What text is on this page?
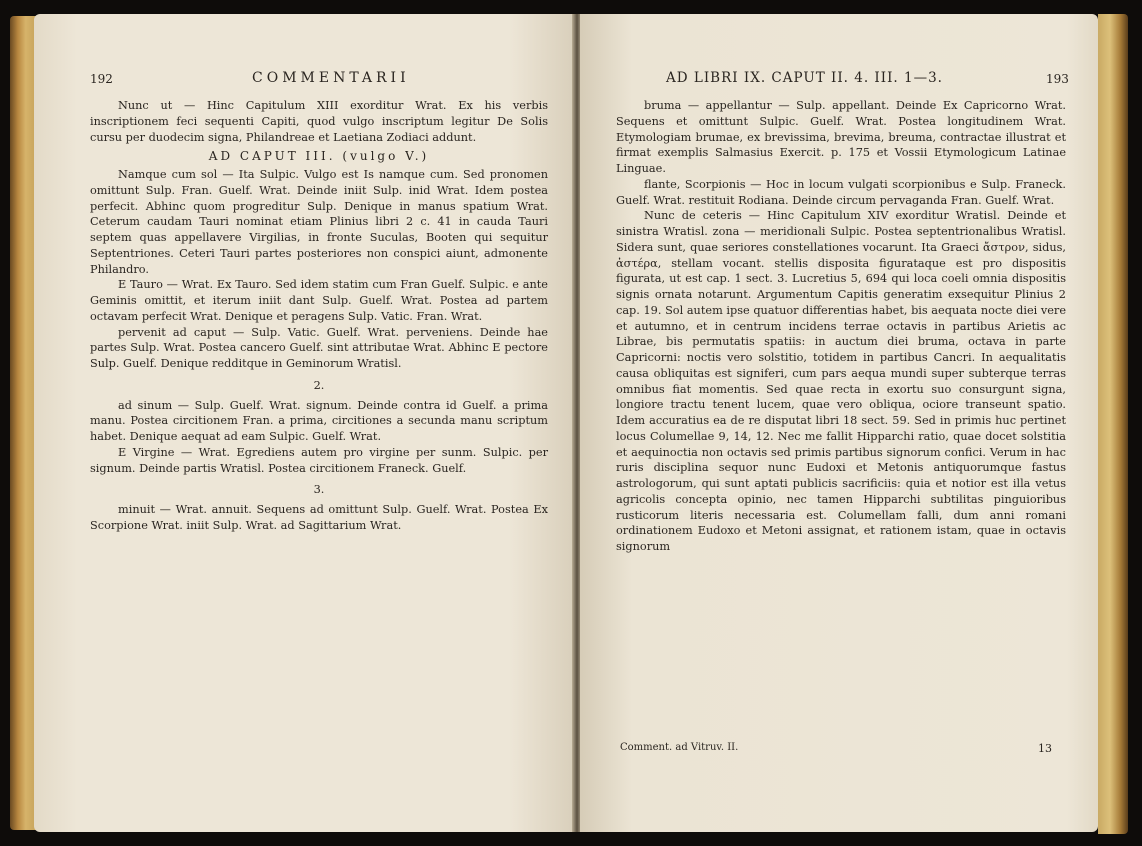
192	COMMENTARII

Nunc ut — Hinc Capitulum XIII exorditur Wrat. Ex his verbis inscriptionem feci sequenti Capiti, quod vulgo inscriptum legitur De Solis cursu per duodecim signa, Philandreae et Laetiana Zodiaci addunt.

AD CAPUT III. (vulgo V.)

Namque cum sol — Ita Sulpic. Vulgo est Is namque cum. Sed pronomen omittunt Sulp. Fran. Guelf. Wrat. Deinde iniit Sulp. inid Wrat. Idem postea perfecit. Abhinc quom progreditur Sulp. Denique in manus spatium Wrat. Ceterum caudam Tauri nominat etiam Plinius libri 2 c. 41 in cauda Tauri septem quas appellavere Virgilias, in fronte Suculas, Booten qui sequitur Septentriones. Ceteri Tauri partes posteriores non conspici aiunt, admonente Philandro.

E Tauro — Wrat. Ex Tauro. Sed idem statim cum Fran Guelf. Sulpic. e ante Geminis omittit, et iterum iniit dant Sulp. Guelf. Wrat. Postea ad partem octavam perfecit Wrat. Denique et peragens Sulp. Vatic. Fran. Wrat.

pervenit ad caput — Sulp. Vatic. Guelf. Wrat. perveniens. Deinde hae partes Sulp. Wrat. Postea cancero Guelf. sint attributae Wrat. Abhinc E pectore Sulp. Guelf. Denique redditque in Geminorum Wratisl.

2.

ad sinum — Sulp. Guelf. Wrat. signum. Deinde contra id Guelf. a prima manu. Postea circitionem Fran. a prima, circitiones a secunda manu scriptum habet. Denique aequat ad eam Sulpic. Guelf. Wrat.

E Virgine — Wrat. Egrediens autem pro virgine per sunm. Sulpic. per signum. Deinde partis Wratisl. Postea circitionem Franeck. Guelf.

3.

minuit — Wrat. annuit. Sequens ad omittunt Sulp. Guelf. Wrat. Postea Ex Scorpione Wrat. iniit Sulp. Wrat. ad Sagittarium Wrat.

AD LIBRI IX. CAPUT II. 4. III. 1—3.	193

bruma — appellantur — Sulp. appellant. Deinde Ex Capricorno Wrat. Sequens et omittunt Sulpic. Guelf. Wrat. Postea longitudinem Wrat. Etymologiam brumae, ex brevissima, brevima, breuma, contractae illustrat et firmat exemplis Salmasius Exercit. p. 175 et Vossii Etymologicum Latinae Linguae.

flante, Scorpionis — Hoc in locum vulgati scorpionibus e Sulp. Franeck. Guelf. Wrat. restituit Rodiana. Deinde circum pervaganda Fran. Guelf. Wrat.

Nunc de ceteris — Hinc Capitulum XIV exorditur Wratisl. Deinde et sinistra Wratisl. zona — meridionali Sulpic. Postea septentrionalibus Wratisl. Sidera sunt, quae seriores constellationes vocarunt. Ita Graeci ἄστρον, sidus, ἀστέρα, stellam vocant. stellis disposita figurataque est pro dispositis figurata, ut est cap. 1 sect. 3. Lucretius 5, 694 qui loca coeli omnia dispositis signis ornata notarunt. Argumentum Capitis generatim exsequitur Plinius 2 cap. 19. Sol autem ipse quatuor differentias habet, bis aequata nocte diei vere et autumno, et in centrum incidens terrae octavis in partibus Arietis ac Librae, bis permutatis spatiis: in auctum diei bruma, octava in parte Capricorni: noctis vero solstitio, totidem in partibus Cancri. In aequalitatis causa obliquitas est signiferi, cum pars aequa mundi super subterque terras omnibus fiat momentis. Sed quae recta in exortu suo consurgunt signa, longiore tractu tenent lucem, quae vero obliqua, ociore transeunt spatio. Idem accuratius ea de re disputat libri 18 sect. 59. Sed in primis huc pertinet locus Columellae 9, 14, 12. Nec me fallit Hipparchi ratio, quae docet solstitia et aequinoctia non octavis sed primis partibus signorum confici. Verum in hac ruris disciplina sequor nunc Eudoxi et Metonis antiquorumque fastus astrologorum, qui sunt aptati publicis sacrificiis: quia et notior est illa vetus agricolis concepta opinio, nec tamen Hipparchi subtilitas pinguioribus rusticorum literis necessaria est. Columellam falli, dum anni romani ordinationem Eudoxo et Metoni assignat, et rationem istam, quae in octavis signorum

Comment. ad Vitruv. II.	13
